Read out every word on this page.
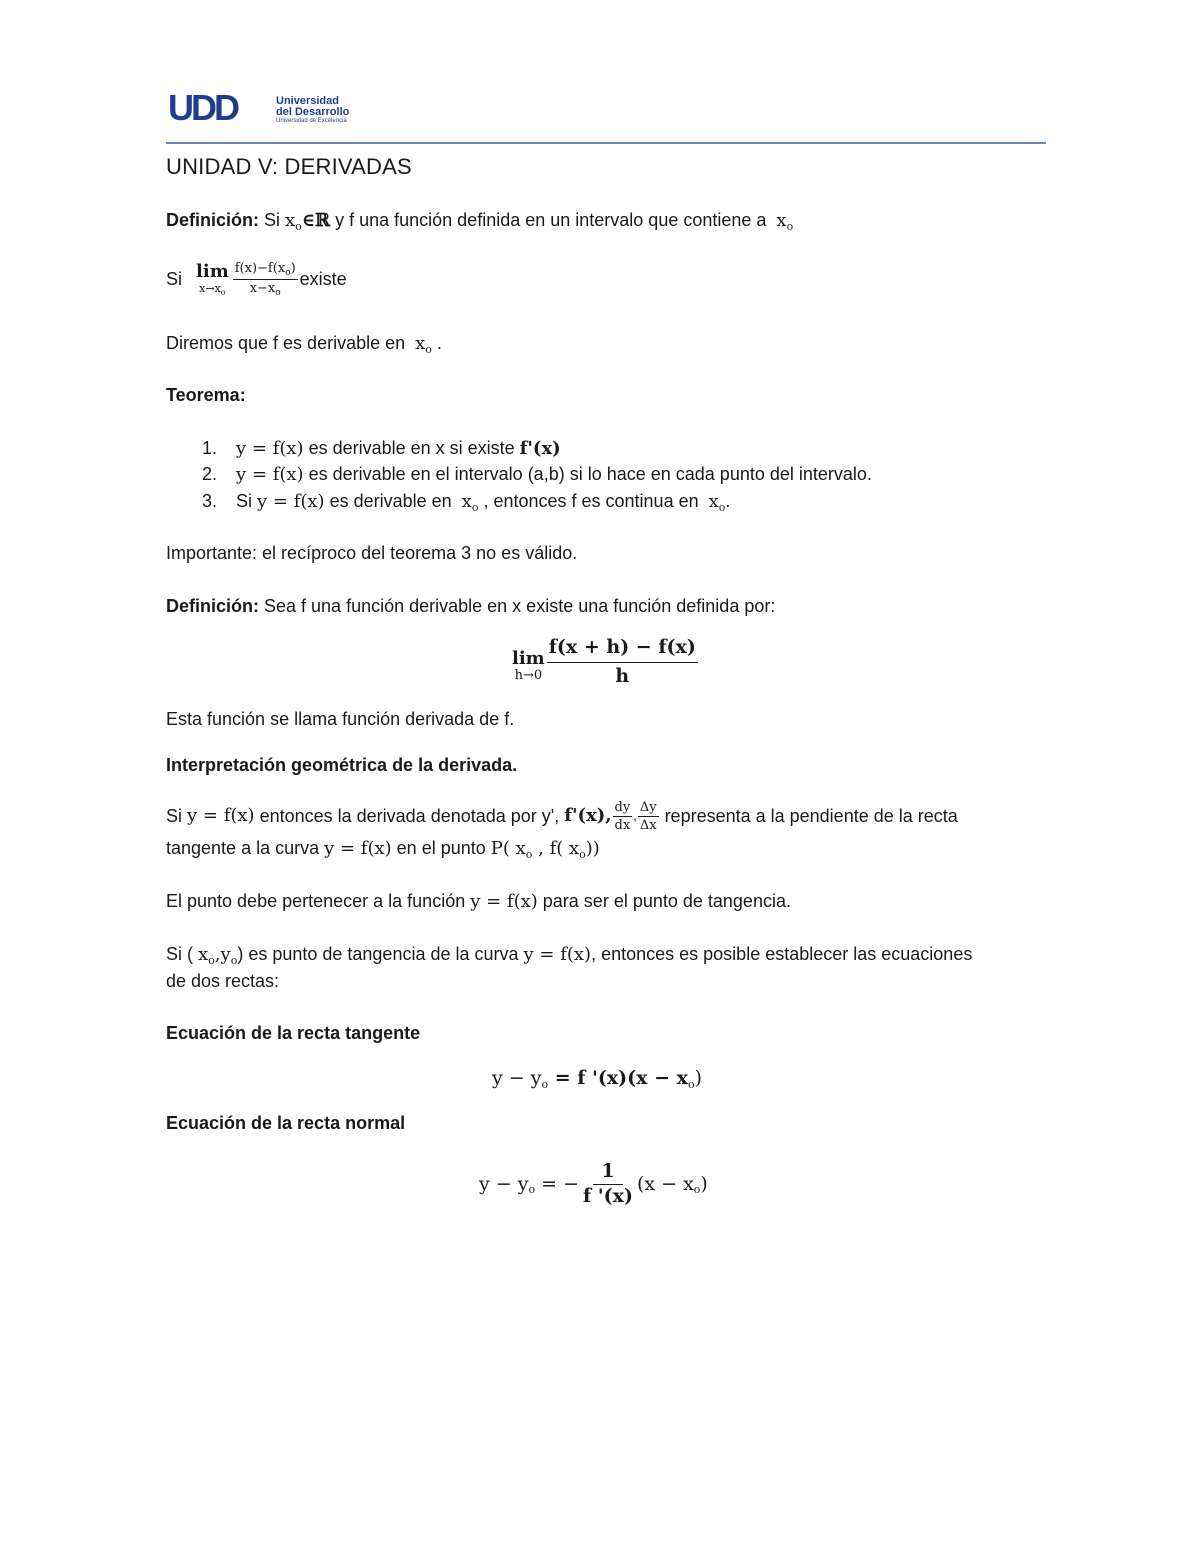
UDD	Universidad
del Desarrollo
Universidad de Excelencia
UNIDAD V: DERIVADAS
Definición: Si $x_o\in ℝ$ y f una función definida en un intervalo que contiene a  $x_o$
Si lim
$x\to x_o \frac{f(x)-f(x_o)}{x-x_o}$ existe
Diremos que f es derivable en  $x_o$ .
Teorema:
1. y = f(x) es derivable en x si existe f'(x)
2. y = f(x) es derivable en el intervalo (a,b) si lo hace en cada punto del intervalo.
3. Si y = f(x) es derivable en  $x_o$ , entonces f es continua en  $x_o$.
Importante: el recíproco del teorema 3 no es válido.
Definición: Sea f una función derivable en x existe una función definida por:
lim
$h\to 0 \frac{f(x + h) - f(x)}{h}$
Esta función se llama función derivada de f.
Interpretación geométrica de la derivada.
Si y = f(x) entonces la derivada denotada por y', f'(x), $\frac{dy}{dx}$ , $\frac{\Delta y}{\Delta x}$ representa a la pendiente de la recta
tangente a la curva y = f(x) en el punto P( $x_o$ , f( $x_o$))
El punto debe pertenecer a la función y = f(x) para ser el punto de tangencia.
Si ( $x_o,y_o$) es punto de tangencia de la curva y = f(x), entonces es posible establecer las ecuaciones
de dos rectas:
Ecuación de la recta tangente
$y - y_o = f$ '$(x)(x - x_o)$
Ecuación de la recta normal
y − y o = − $\frac{1}{f '(x)} (x - x$ o )
